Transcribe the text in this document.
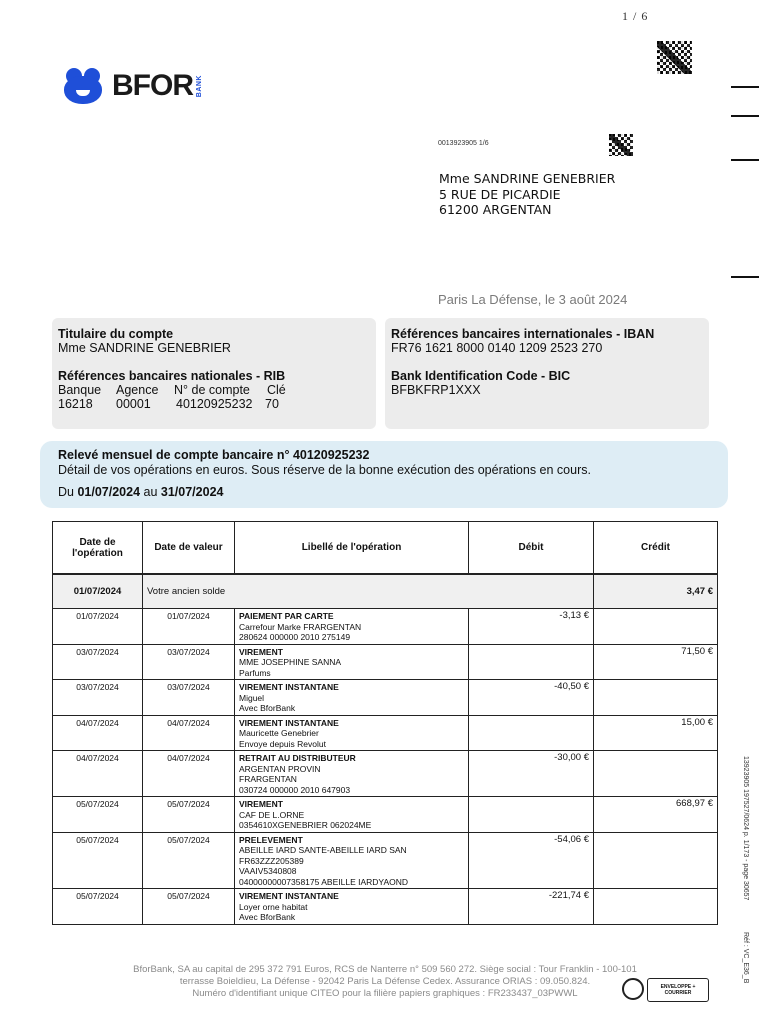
1 / 6
BFOR BANK
0013923905 1/6
Mme SANDRINE GENEBRIER
5 RUE DE PICARDIE
61200 ARGENTAN
Paris La Défense, le 3 août 2024
Titulaire du compte
Mme SANDRINE GENEBRIER
Références bancaires nationales - RIB
Banque	Agence	N° de compte	Clé
16218	00001	40120925232	70
Références bancaires internationales - IBAN
FR76 1621 8000 0140 1209 2523 270
Bank Identification Code - BIC
BFBKFRP1XXX
Relevé mensuel de compte bancaire n° 40120925232
Détail de vos opérations en euros. Sous réserve de la bonne exécution des opérations en cours.
Du 01/07/2024 au 31/07/2024
Date de l'opération	Date de valeur	Libellé de l'opération	Débit	Crédit

01/07/2024	Votre ancien solde			3,47 €
01/07/2024	01/07/2024	PAIEMENT PAR CARTE
Carrefour Marke FRARGENTAN
280624 000000 2010 275149	-3,13 €	
03/07/2024	03/07/2024	VIREMENT
MME JOSEPHINE SANNA
Parfums		71,50 €
03/07/2024	03/07/2024	VIREMENT INSTANTANE
Miguel
Avec BforBank	-40,50 €	
04/07/2024	04/07/2024	VIREMENT INSTANTANE
Mauricette Genebrier
Envoye depuis Revolut		15,00 €
04/07/2024	04/07/2024	RETRAIT AU DISTRIBUTEUR
ARGENTAN PROVIN
FRARGENTAN
030724 000000 2010 647903	-30,00 €	
05/07/2024	05/07/2024	VIREMENT
CAF DE L.ORNE
0354610XGENEBRIER 062024ME		668,97 €
05/07/2024	05/07/2024	PRELEVEMENT
ABEILLE IARD SANTE-ABEILLE IARD SAN
FR63ZZZ205389
VAAIV5340808
04000000007358175 ABEILLE IARDYAOND	-54,06 €	
05/07/2024	05/07/2024	VIREMENT INSTANTANE
Loyer orne habitat
Avec BforBank	-221,74 €		13923905 197527/0624 p. 1/173 - page 30657
Réf : VC_E36_B
BforBank, SA au capital de 295 372 791 Euros, RCS de Nanterre n° 509 560 272. Siège social : Tour Franklin - 100-101
terrasse Boieldieu, La Défense - 92042 Paris La Défense Cedex. Assurance ORIAS : 09.050.824.
Numéro d'identifiant unique CITEO pour la filière papiers graphiques : FR233437_03PWWL
ENVELOPPE + COURRIER
